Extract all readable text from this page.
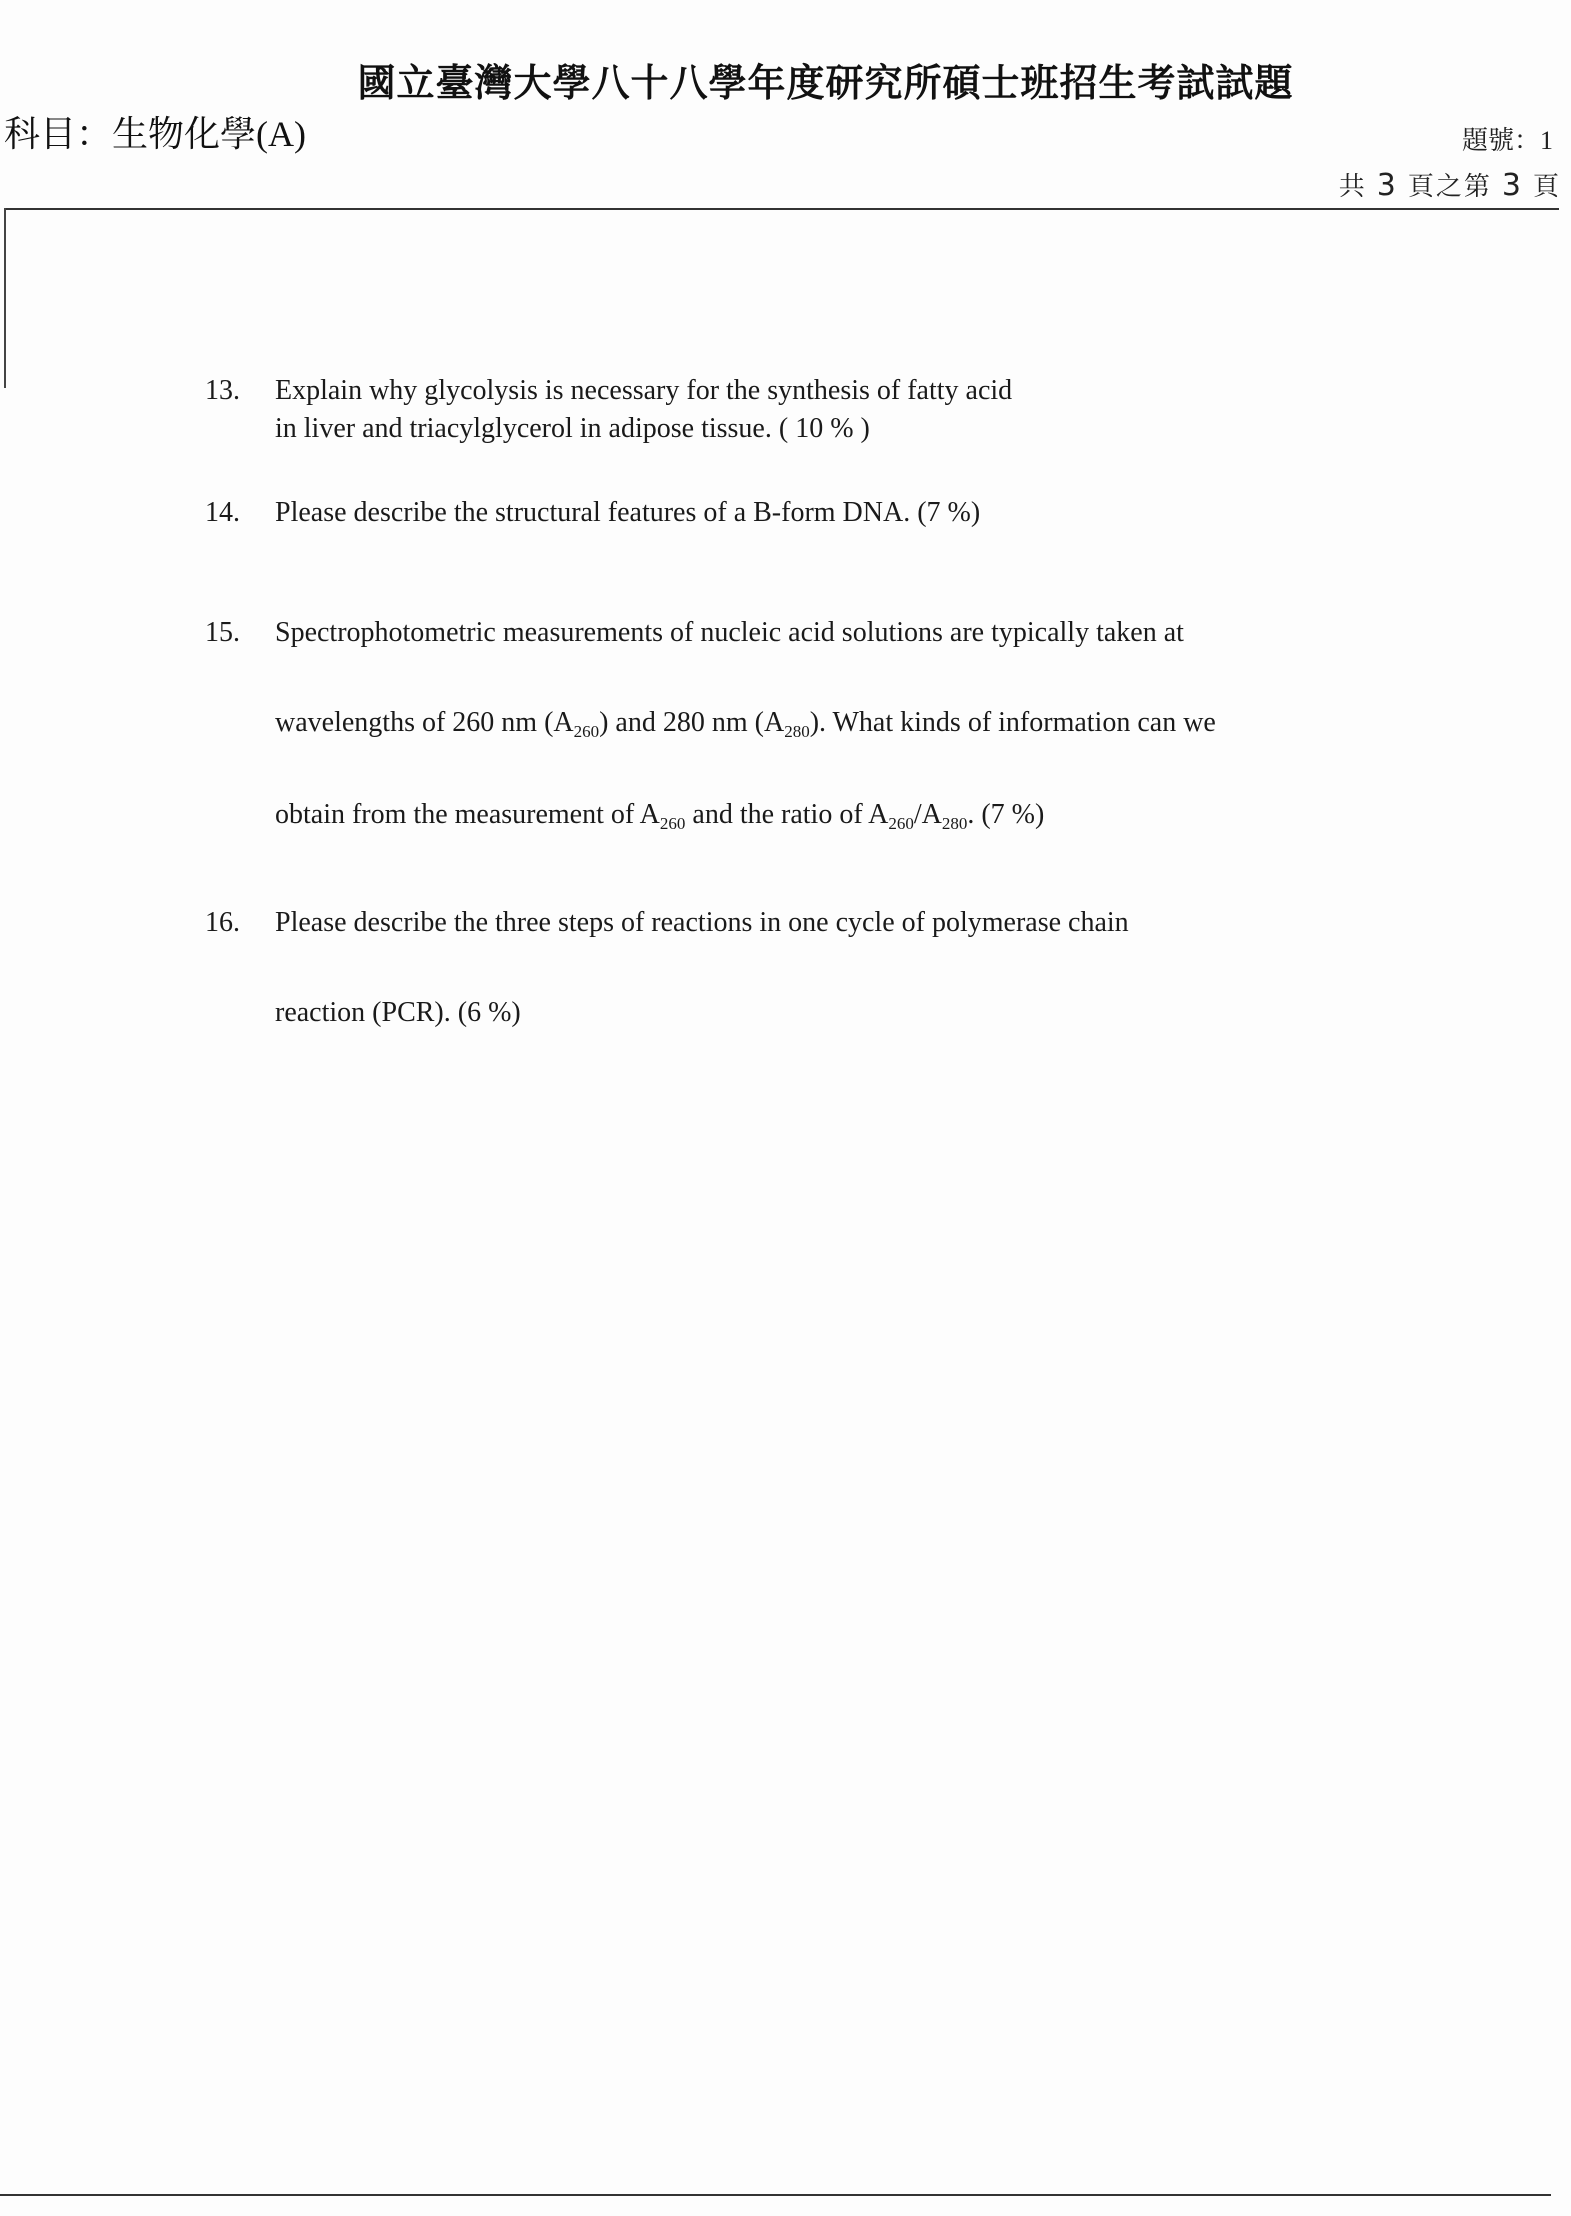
國立臺灣大學八十八學年度研究所碩士班招生考試試題
科目：生物化學(A)	題號：1
共 3 頁之第 3 頁
13. Explain why glycolysis is necessary for the synthesis of fatty acid
in liver and triacylglycerol in adipose tissue. ( 10 % )
14. Please describe the structural features of a B-form DNA. (7 %)
15. Spectrophotometric measurements of nucleic acid solutions are typically taken at
wavelengths of 260 nm $(A_{260})$ and 280 nm $(A_{280})$. What kinds of information can we
obtain from the measurement of $A_{260}$ and the ratio of $A_{260}/A_{280}$. (7 %)
16. Please describe the three steps of reactions in one cycle of polymerase chain
reaction (PCR). (6 %)
